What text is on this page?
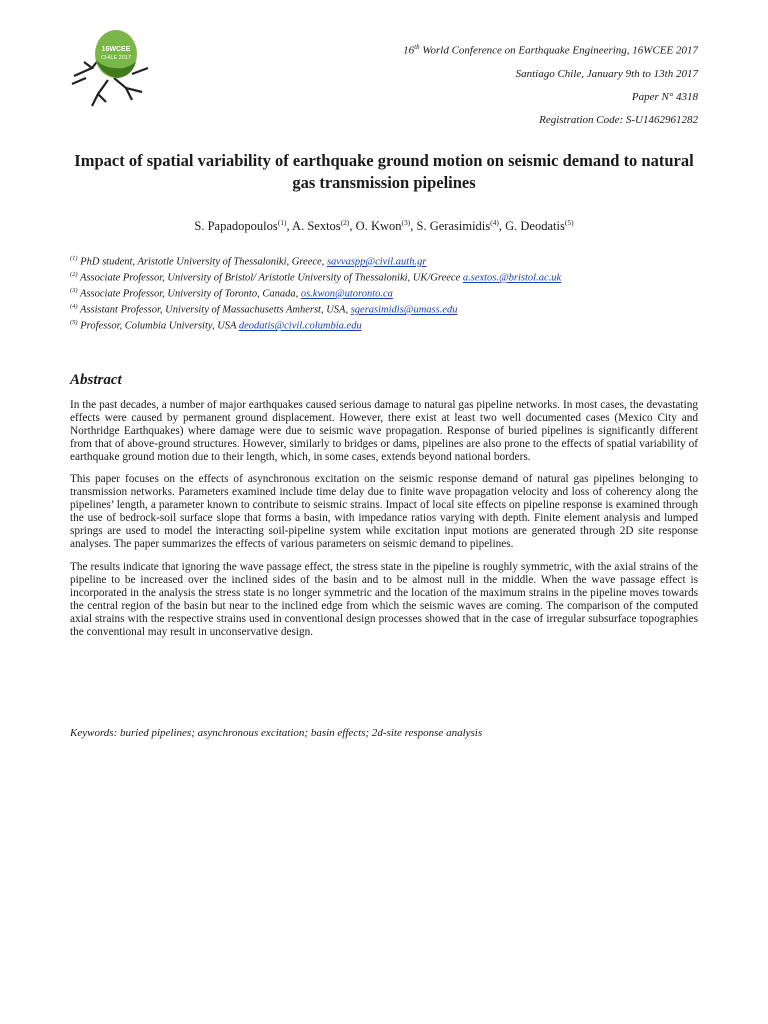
16WCEE
CHILE 2017
16th World Conference on Earthquake Engineering, 16WCEE 2017
Santiago Chile, January 9th to 13th 2017
Paper N° 4318
Registration Code: S-U1462961282
Impact of spatial variability of earthquake ground motion on seismic demand to natural gas transmission pipelines
S. Papadopoulos$^{(1)}$, A. Sextos$^{(2)}$, O. Kwon$^{(3)}$, S. Gerasimidis$^{(4)}$, G. Deodatis$^{(5)}$
$^{(1)}$ PhD student, Aristotle University of Thessaloniki, Greece, savvaspp@civil.auth.gr
$^{(2)}$ Associate Professor, University of Bristol/ Aristotle University of Thessaloniki, UK/Greece a.sextos.@bristol.ac.uk
$^{(3)}$ Associate Professor, University of Toronto, Canada, os.kwon@utoronto.ca
$^{(4)}$ Assistant Professor, University of Massachusetts Amherst, USA, sgerasimidis@umass.edu
$^{(5)}$ Professor, Columbia University, USA deodatis@civil.columbia.edu
Abstract

In the past decades, a number of major earthquakes caused serious damage to natural gas pipeline networks. In most cases, the devastating effects were caused by permanent ground displacement. However, there exist at least two well documented cases (Mexico City and Northridge Earthquakes) where damage were due to seismic wave propagation. Response of buried pipelines is significantly different from that of above-ground structures. However, similarly to bridges or dams, pipelines are also prone to the effects of spatial variability of earthquake ground motion due to their length, which, in some cases, extends beyond national borders.

This paper focuses on the effects of asynchronous excitation on the seismic response demand of natural gas pipelines belonging to transmission networks. Parameters examined include time delay due to finite wave propagation velocity and loss of coherency along the pipelines’ length, a parameter known to contribute to seismic strains. Impact of local site effects on pipeline response is examined through the use of bedrock-soil surface slope that forms a basin, with impedance ratios varying with depth. Finite element analysis and lumped springs are used to model the interacting soil-pipeline system while excitation input motions are generated through 2D site response analyses. The paper summarizes the effects of various parameters on seismic demand to pipelines.

The results indicate that ignoring the wave passage effect, the stress state in the pipeline is roughly symmetric, with the axial strains of the pipeline to be increased over the inclined sides of the basin and to be almost null in the middle. When the wave passage effect is incorporated in the analysis the stress state is no longer symmetric and the location of the maximum strains in the pipeline moves towards the central region of the basin but near to the inclined edge from which the seismic waves are coming. The comparison of the computed axial strains with the respective strains used in conventional design processes showed that in the case of irregular subsurface topographies the conventional may result in unconservative design.

Keywords: buried pipelines; asynchronous excitation; basin effects; 2d-site response analysis
